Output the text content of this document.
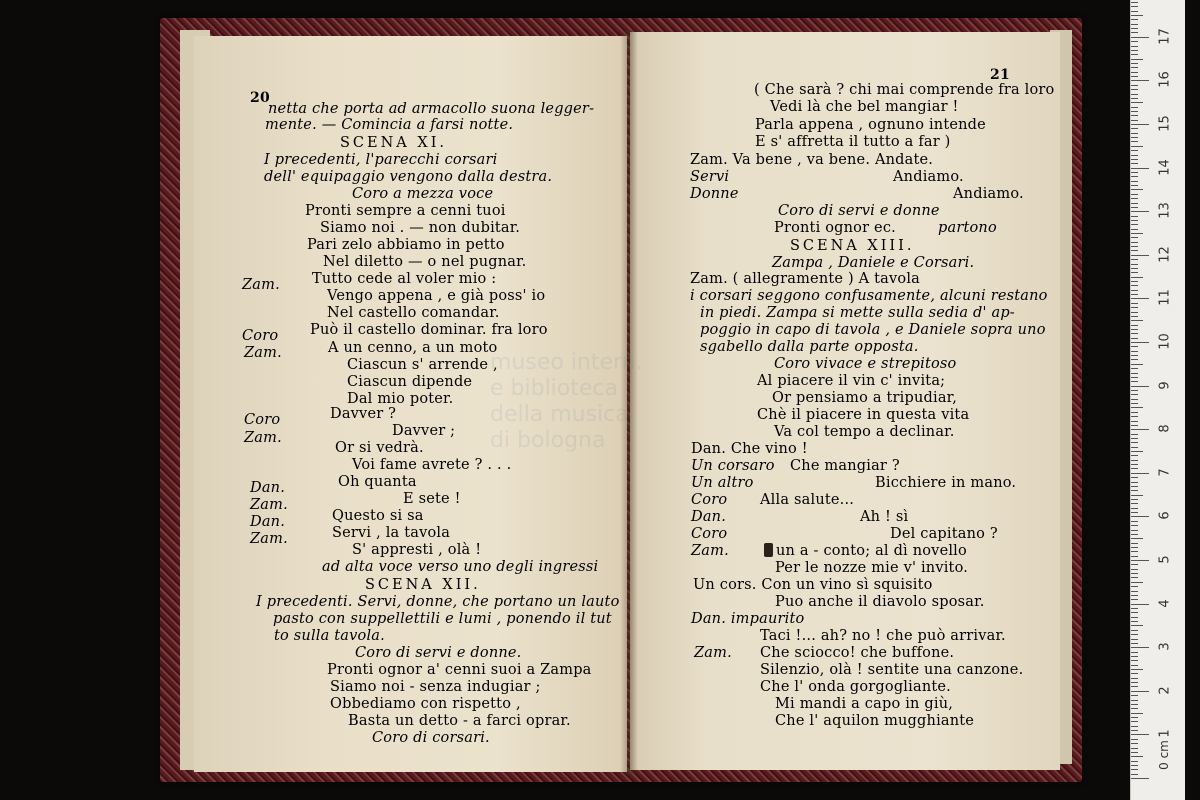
20
netta che porta ad armacollo suona legger-
mente. — Comincia a farsi notte.
SCENA XI.
I precedenti, l'parecchi corsari
dell' equipaggio vengono dalla destra.
Coro a mezza voce
Pronti sempre a cenni tuoi
Siamo noi . — non dubitar.
Pari zelo abbiamo in petto
Nel diletto — o nel pugnar.
Zam. Tutto cede al voler mio :
Vengo appena , e già poss' io
Nel castello comandar.
Coro Può il castello dominar. fra loro
Zam.	A un cenno, a un moto
Ciascun s' arrende ,
Ciascun dipende
Dal mio poter.
Coro	Davver ?
Zam.	Davver ;
Or si vedrà.
Voi fame avrete ? . . .
Dan.	Oh quanta
Zam.	E sete !
Dan.	Questo si sa
Zam.	Servi , la tavola
S' appresti , olà !
ad alta voce verso uno degli ingressi
SCENA XII.
I precedenti. Servi, donne, che portano un lauto
pasto con suppellettili e lumi , ponendo il tut
to sulla tavola.
Coro di servi e donne.
Pronti ognor a' cenni suoi a Zampa
Siamo noi - senza indugiar ;
Obbediamo con rispetto ,
Basta un detto - a farci oprar.
Coro di corsari.
21
( Che sarà ? chi mai comprende fra loro
Vedi là che bel mangiar !
Parla appena , ognuno intende
E s' affretta il tutto a far )
Zam. Va bene , va bene. Andate.
Servi	Andiamo.
Donne	Andiamo.
Coro di servi e donne
Pronti ognor ec.	partono
SCENA XIII.
Zampa , Daniele e Corsari.
Zam. ( allegramente ) A tavola
i corsari seggono confusamente, alcuni restano
in piedi. Zampa si mette sulla sedia d' ap-
poggio in capo di tavola , e Daniele sopra uno
sgabello dalla parte opposta.
Coro vivace e strepitoso
Al piacere il vin c' invita;
Or pensiamo a tripudiar,
Chè il piacere in questa vita
Va col tempo a declinar.
Dan. Che vino !
Un corsaro Che mangiar ?
Un altro	Bicchiere in mano.
Coro Alla salute...
Dan.	Ah ! sì
Coro	Del capitano ?
Zam.	un a - conto; al dì novello
Per le nozze mie v' invito.
Un cors. Con un vino sì squisito
Puo anche il diavolo sposar.
Dan. impaurito
Taci !... ah? no ! che può arrivar.
Zam. Che sciocco! che buffone.
Silenzio, olà ! sentite una canzone.
Che l' onda gorgogliante.
Mi mandi a capo in giù,
Che l' aquilon mugghiante
0 cm
1
2
3
4
5
6
7
8
9
10
11
12
13
14
15
16
17
